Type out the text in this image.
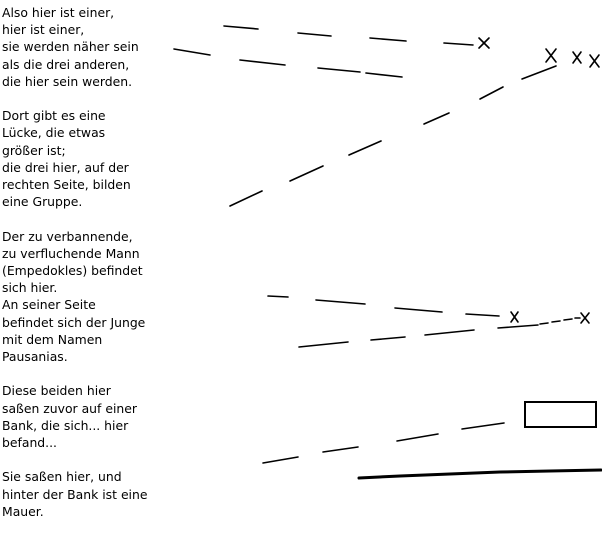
Also hier ist einer,
hier ist einer,
sie werden näher sein
als die drei anderen,
die hier sein werden.
Dort gibt es eine
Lücke, die etwas
größer ist;
die drei hier, auf der
rechten Seite, bilden
eine Gruppe.
Der zu verbannende,
zu verfluchende Mann
(Empedokles) befindet
sich hier.
An seiner Seite
befindet sich der Junge
mit dem Namen
Pausanias.
Diese beiden hier
saßen zuvor auf einer
Bank, die sich... hier
befand...
Sie saßen hier, und
hinter der Bank ist eine
Mauer.
